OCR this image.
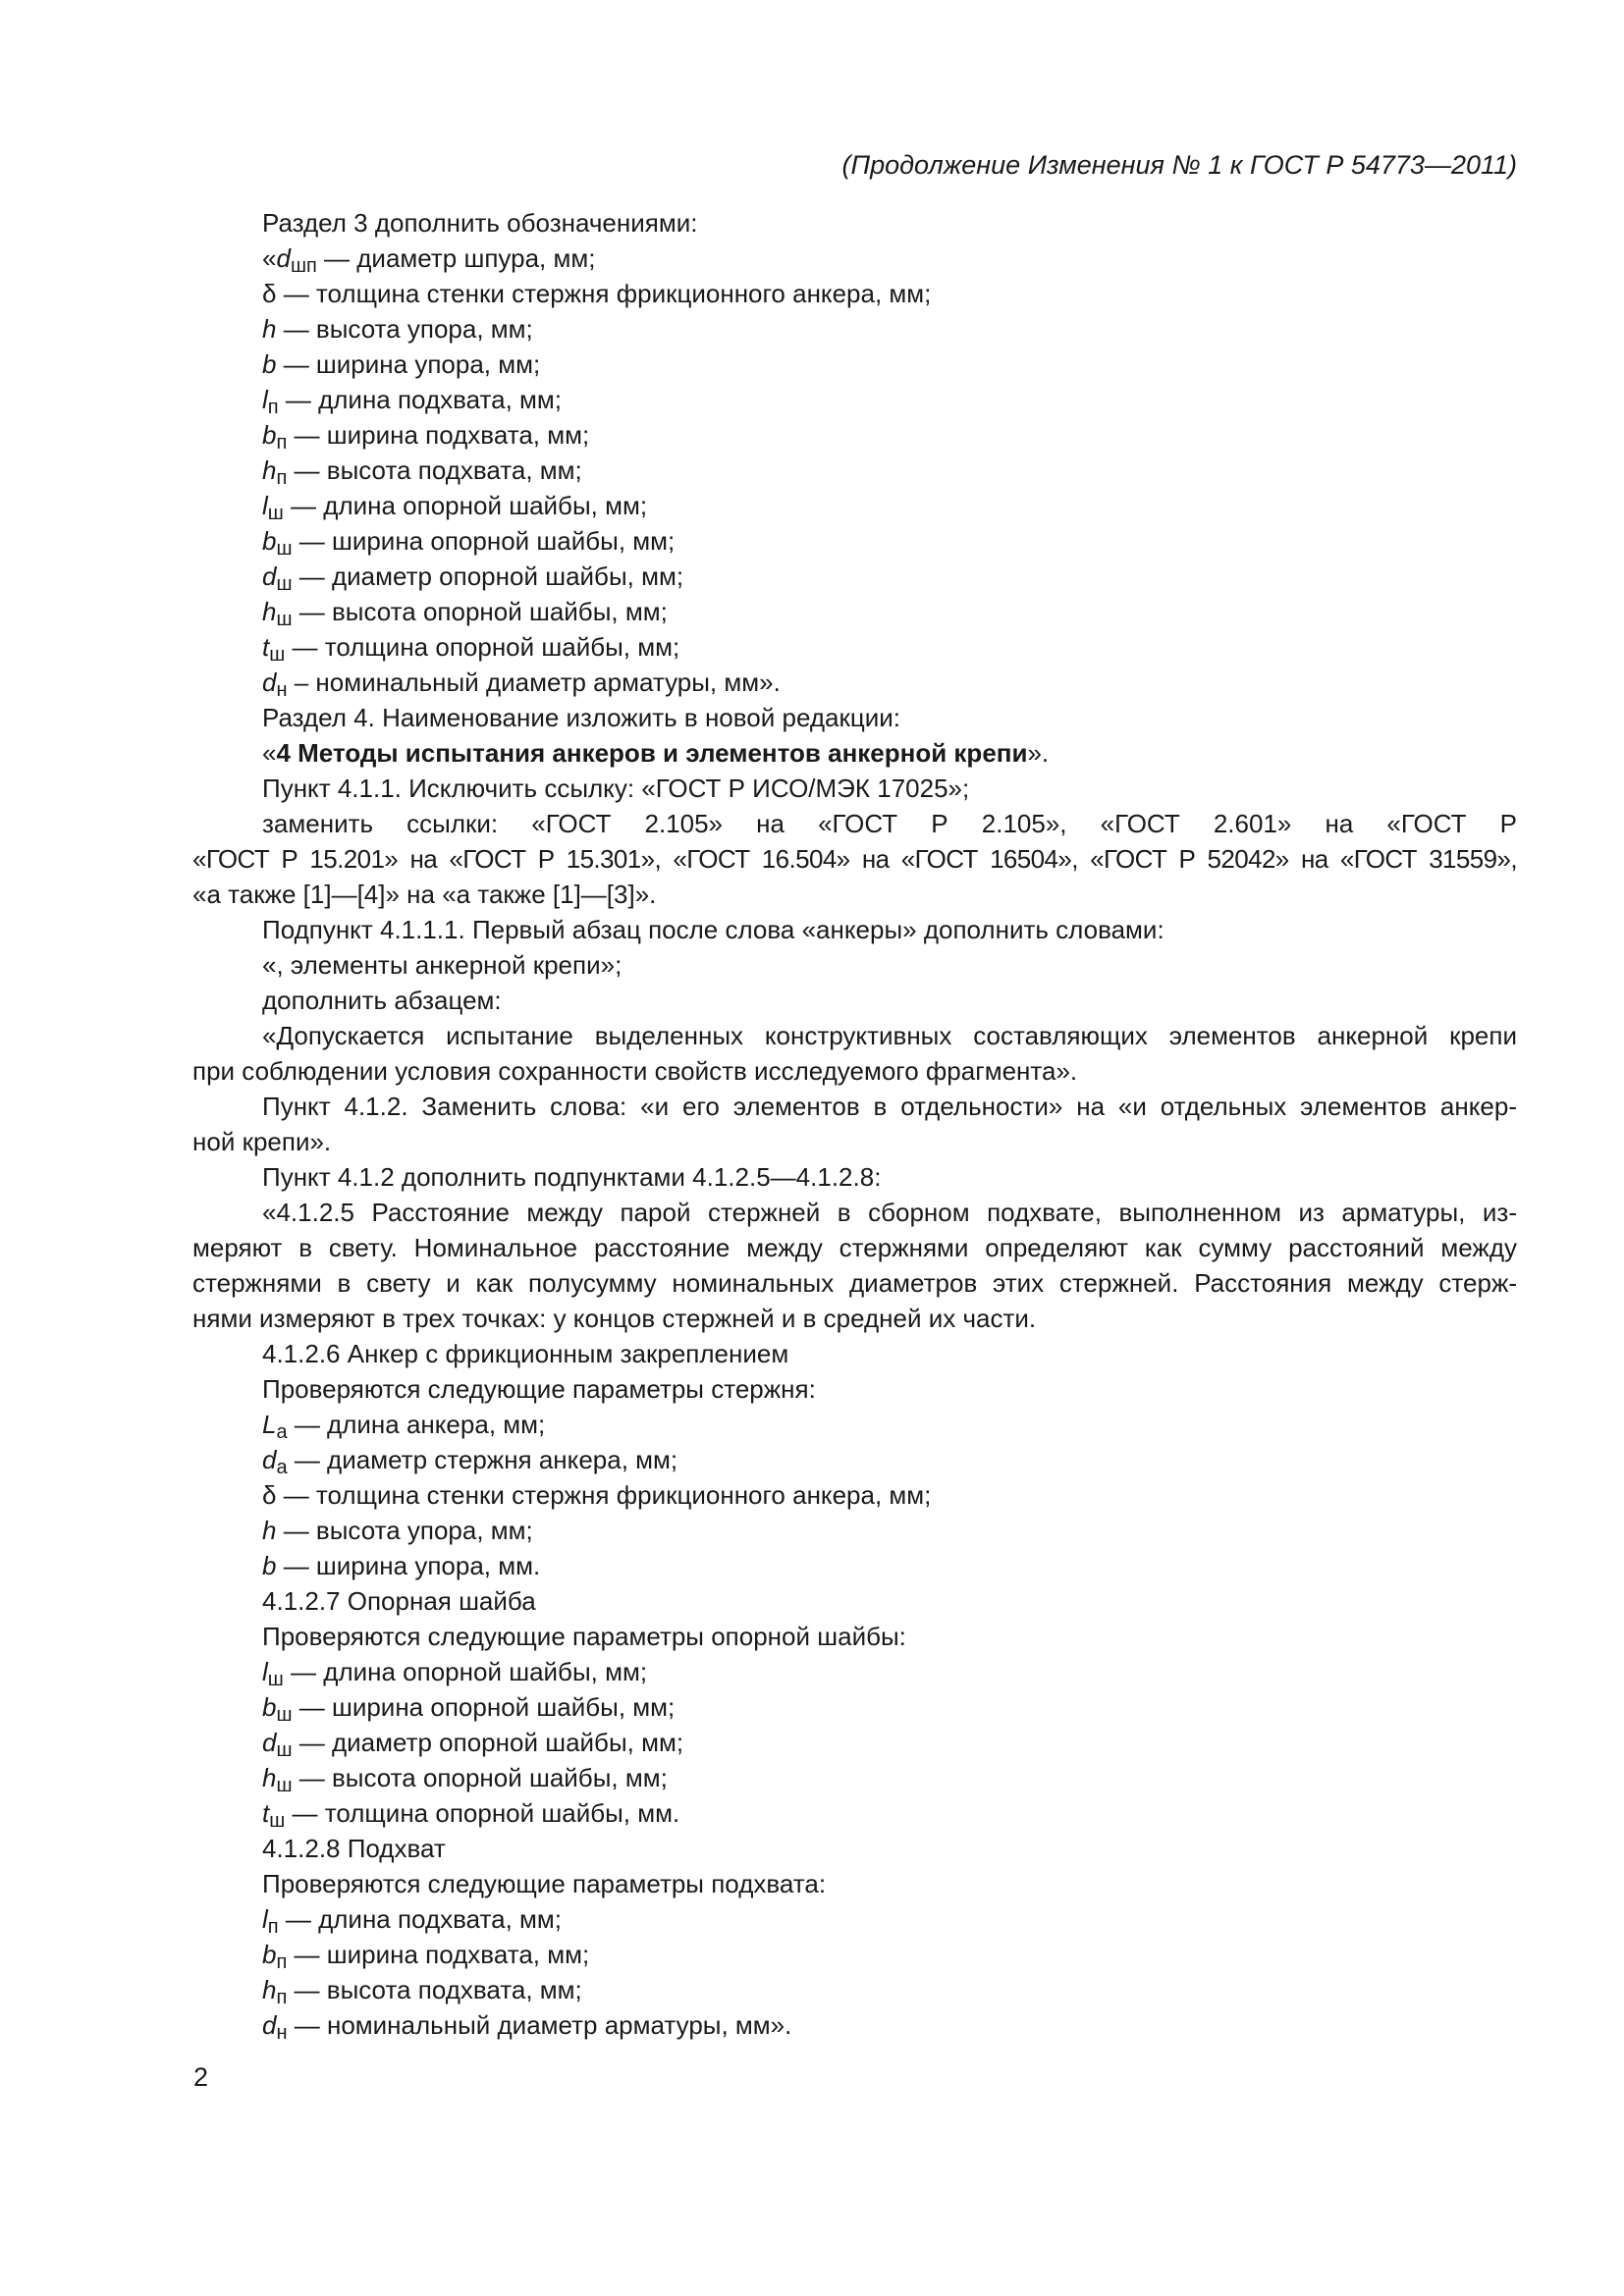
(Продолжение Изменения № 1 к ГОСТ Р 54773—2011)
Раздел 3 дополнить обозначениями:
«$d_{шп}$ — диаметр шпура, мм;
δ — толщина стенки стержня фрикционного анкера, мм;
h — высота упора, мм;
b — ширина упора, мм;
$l_п$ — длина подхвата, мм;
$b_п$ — ширина подхвата, мм;
$h_п$ — высота подхвата, мм;
$l_ш$ — длина опорной шайбы, мм;
$b_ш$ — ширина опорной шайбы, мм;
$d_ш$ — диаметр опорной шайбы, мм;
$h_ш$ — высота опорной шайбы, мм;
$t_ш$ — толщина опорной шайбы, мм;
$d_н$ – номинальный диаметр арматуры, мм».
Раздел 4. Наименование изложить в новой редакции:
«4 Методы испытания анкеров и элементов анкерной крепи».
Пункт 4.1.1. Исключить ссылку: «ГОСТ Р ИСО/МЭК 17025»;
заменить ссылки: «ГОСТ 2.105» на «ГОСТ Р 2.105», «ГОСТ 2.601» на «ГОСТ Р
«ГОСТ Р 15.201» на «ГОСТ Р 15.301», «ГОСТ 16.504» на «ГОСТ 16504», «ГОСТ Р 52042» на «ГОСТ 31559»,
«а также [1]—[4]» на «а также [1]—[3]».
Подпункт 4.1.1.1. Первый абзац после слова «анкеры» дополнить словами:
«, элементы анкерной крепи»;
дополнить абзацем:
«Допускается испытание выделенных конструктивных составляющих элементов анкерной крепи
при соблюдении условия сохранности свойств исследуемого фрагмента».
Пункт 4.1.2. Заменить слова: «и его элементов в отдельности» на «и отдельных элементов анкер-
ной крепи».
Пункт 4.1.2 дополнить подпунктами 4.1.2.5—4.1.2.8:
«4.1.2.5 Расстояние между парой стержней в сборном подхвате, выполненном из арматуры, из-
меряют в свету. Номинальное расстояние между стержнями определяют как сумму расстояний между
стержнями в свету и как полусумму номинальных диаметров этих стержней. Расстояния между стерж-
нями измеряют в трех точках: у концов стержней и в средней их части.
4.1.2.6 Анкер с фрикционным закреплением
Проверяются следующие параметры стержня:
$L_а$ — длина анкера, мм;
$d_а$ — диаметр стержня анкера, мм;
δ — толщина стенки стержня фрикционного анкера, мм;
h — высота упора, мм;
b — ширина упора, мм.
4.1.2.7 Опорная шайба
Проверяются следующие параметры опорной шайбы:
$l_ш$ — длина опорной шайбы, мм;
$b_ш$ — ширина опорной шайбы, мм;
$d_ш$ — диаметр опорной шайбы, мм;
$h_ш$ — высота опорной шайбы, мм;
$t_ш$ — толщина опорной шайбы, мм.
4.1.2.8 Подхват
Проверяются следующие параметры подхвата:
$l_п$ — длина подхвата, мм;
$b_п$ — ширина подхвата, мм;
$h_п$ — высота подхвата, мм;
$d_н$ — номинальный диаметр арматуры, мм».
2
